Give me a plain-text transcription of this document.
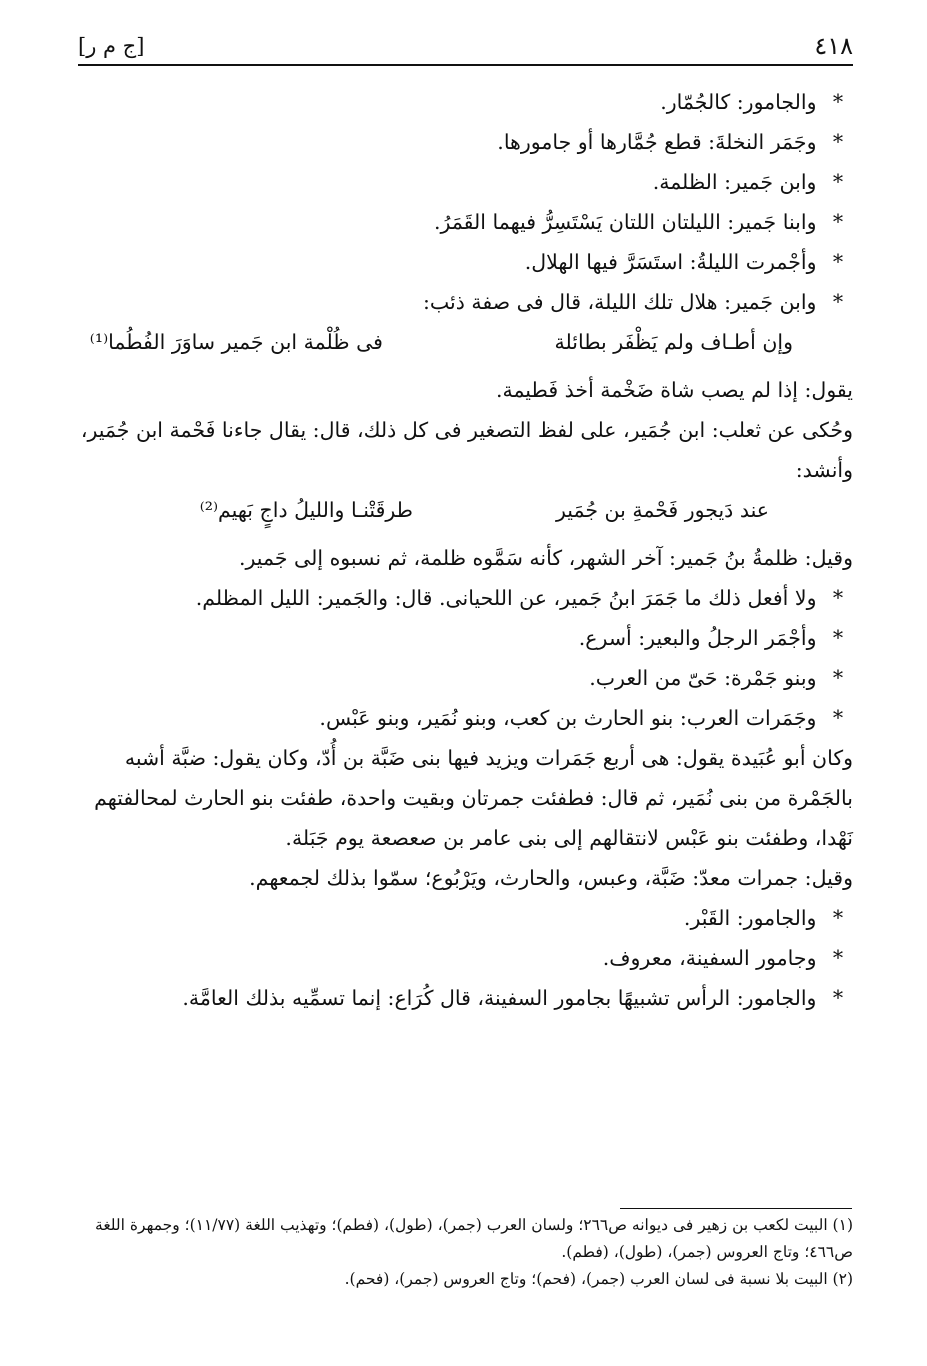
٤١٨
[ج م ر]
* والجامور: كالجُمّار.
* وجَمَر النخلةَ: قطع جُمَّارها أو جامورها.
* وابن جَمير: الظلمة.
* وابنا جَمير: الليلتان اللتان يَسْتَسِرُّ فيهما القَمَرُ.
* وأجْمرت الليلةُ: استَسَرَّ فيها الهلال.
* وابن جَمير: هلال تلك الليلة، قال فى صفة ذئب:
وإن أطـاف ولم يَظْفَر بطائلة
فى ظُلْمة ابن جَمير ساوَرَ الفُطُما⁽¹⁾
يقول: إذا لم يصب شاة ضَخْمة أخذ فَطيمة.
وحُكى عن ثعلب: ابن جُمَير، على لفظ التصغير فى كل ذلك، قال: يقال جاءنا فَحْمة ابن جُمَير، وأنشد:
عند دَيجور فَحْمةِ بن جُمَير
طرقَتْنـا والليلُ داجٍ بَهيم⁽²⁾
وقيل: ظلمةُ بنُ جَمير: آخر الشهر، كأنه سَمَّوه ظلمة، ثم نسبوه إلى جَمير.
* ولا أفعل ذلك ما جَمَرَ ابنُ جَمير، عن اللحيانى. قال: والجَمير: الليل المظلم.
* وأجْمَر الرجلُ والبعير: أسرع.
* وبنو جَمْرة: حَىّ من العرب.
* وجَمَرات العرب: بنو الحارث بن كعب، وبنو نُمَير، وبنو عَبْس.
وكان أبو عُبَيدة يقول: هى أربع جَمَرات ويزيد فيها بنى ضَبَّة بن أُدّ، وكان يقول: ضبَّة أشبه بالجَمْرة من بنى نُمَير، ثم قال: فطفئت جمرتان وبقيت واحدة، طفئت بنو الحارث لمحالفتهم نَهْدا، وطفئت بنو عَبْس لانتقالهم إلى بنى عامر بن صعصعة يوم جَبَلة.
وقيل: جمرات معدّ: ضَبَّة، وعبس، والحارث، ويَرْبُوع؛ سمّوا بذلك لجمعهم.
* والجامور: القَبْر.
* وجامور السفينة، معروف.
* والجامور: الرأس تشبيهًا بجامور السفينة، قال كُرَاع: إنما تسمِّيه بذلك العامَّة.

(١) البيت لكعب بن زهير فى ديوانه ص٢٦٦؛ ولسان العرب (جمر)، (طول)، (فطم)؛ وتهذيب اللغة (١١/٧٧)؛ وجمهرة اللغة ص٤٦٦؛ وتاج العروس (جمر)، (طول)، (فطم).

(٢) البيت بلا نسبة فى لسان العرب (جمر)، (فحم)؛ وتاج العروس (جمر)، (فحم).
